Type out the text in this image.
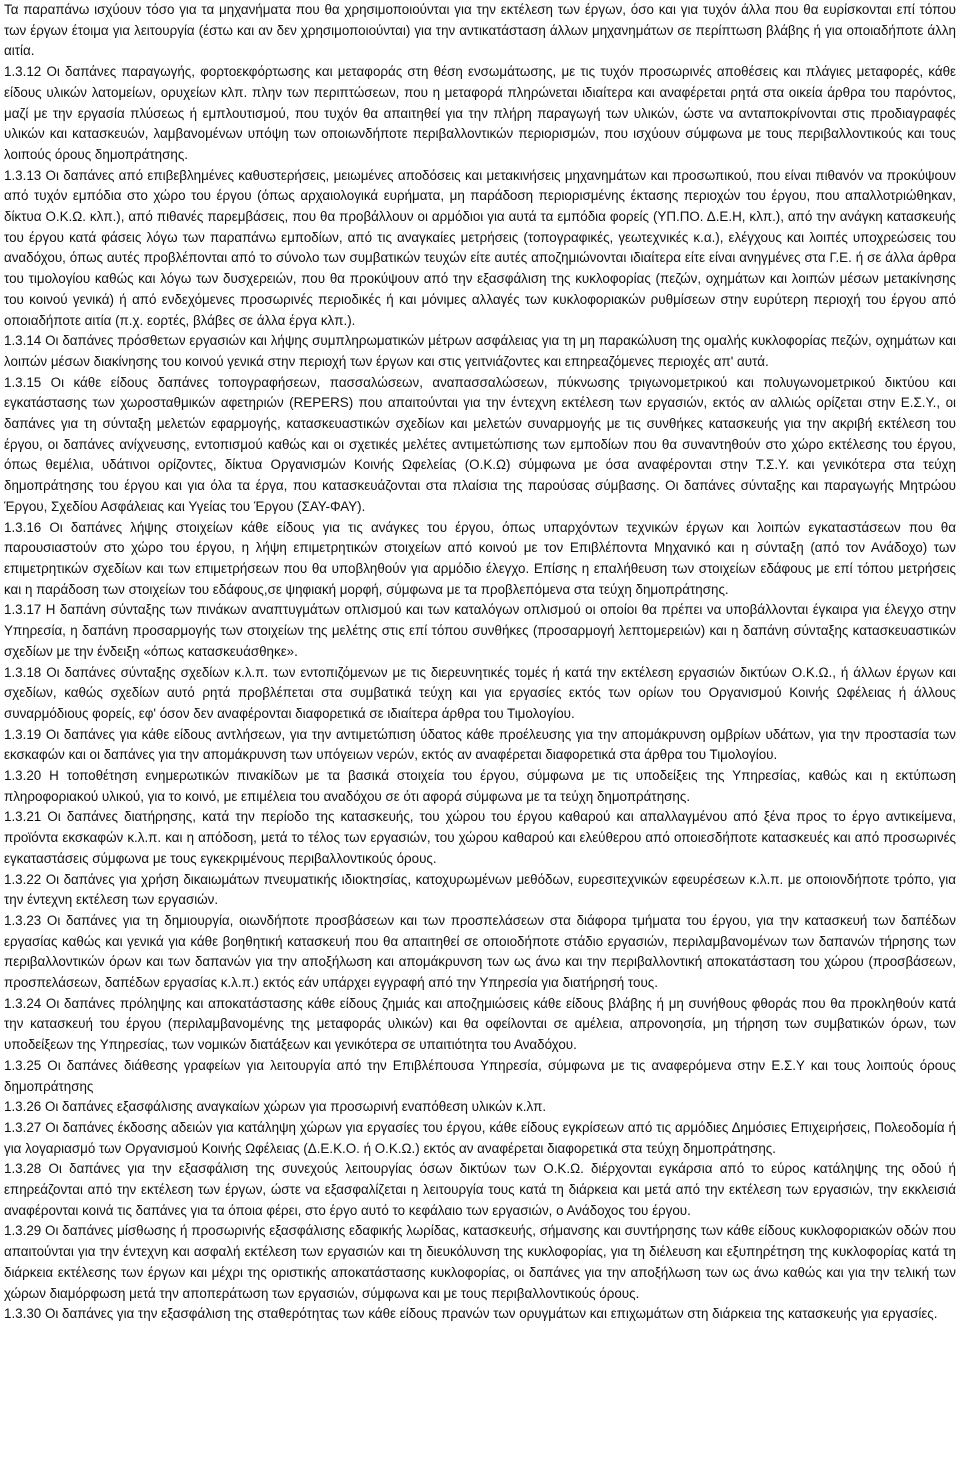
Τα παραπάνω ισχύουν τόσο για τα μηχανήματα που θα χρησιμοποιούνται για την εκτέλεση των έργων, όσο και για τυχόν άλλα που θα ευρίσκονται επί τόπου των έργων έτοιμα για λειτουργία (έστω και αν δεν χρησιμοποιούνται) για την αντικατάσταση άλλων μηχανημάτων σε περίπτωση βλάβης ή για οποιαδήποτε άλλη αιτία.

1.3.12 Οι δαπάνες παραγωγής, φορτοεκφόρτωσης και μεταφοράς στη θέση ενσωμάτωσης, με τις τυχόν προσωρινές αποθέσεις και πλάγιες μεταφορές, κάθε είδους υλικών λατομείων, ορυχείων κλπ. πλην των περιπτώσεων, που η μεταφορά πληρώνεται ιδιαίτερα και αναφέρεται ρητά στα οικεία άρθρα του παρόντος, μαζί με την εργασία πλύσεως ή εμπλουτισμού, που τυχόν θα απαιτηθεί για την πλήρη παραγωγή των υλικών, ώστε να ανταποκρίνονται στις προδιαγραφές υλικών και κατασκευών, λαμβανομένων υπόψη των οποιωνδήποτε περιβαλλοντικών περιορισμών, που ισχύουν σύμφωνα με τους περιβαλλοντικούς και τους λοιπούς όρους δημοπράτησης.

1.3.13 Οι δαπάνες από επιβεβλημένες καθυστερήσεις, μειωμένες αποδόσεις και μετακινήσεις μηχανημάτων και προσωπικού, που είναι πιθανόν να προκύψουν από τυχόν εμπόδια στο χώρο του έργου (όπως αρχαιολογικά ευρήματα, μη παράδοση περιορισμένης έκτασης περιοχών του έργου, που απαλλοτριώθηκαν, δίκτυα Ο.Κ.Ω. κλπ.), από πιθανές παρεμβάσεις, που θα προβάλλουν οι αρμόδιοι για αυτά τα εμπόδια φορείς (ΥΠ.ΠΟ. Δ.Ε.Η, κλπ.), από την ανάγκη κατασκευής του έργου κατά φάσεις λόγω των παραπάνω εμποδίων, από τις αναγκαίες μετρήσεις (τοπογραφικές, γεωτεχνικές κ.α.), ελέγχους και λοιπές υποχρεώσεις του αναδόχου, όπως αυτές προβλέπονται από το σύνολο των συμβατικών τευχών είτε αυτές αποζημιώνονται ιδιαίτερα είτε είναι ανηγμένες στα Γ.Ε. ή σε άλλα άρθρα του τιμολογίου καθώς και λόγω των δυσχερειών, που θα προκύψουν από την εξασφάλιση της κυκλοφορίας (πεζών, οχημάτων και λοιπών μέσων μετακίνησης του κοινού γενικά) ή από ενδεχόμενες προσωρινές περιοδικές ή και μόνιμες αλλαγές των κυκλοφοριακών ρυθμίσεων στην ευρύτερη περιοχή του έργου από οποιαδήποτε αιτία (π.χ. εορτές, βλάβες σε άλλα έργα κλπ.).

1.3.14 Οι δαπάνες πρόσθετων εργασιών και λήψης συμπληρωματικών μέτρων ασφάλειας για τη μη παρακώλυση της ομαλής κυκλοφορίας πεζών, οχημάτων και λοιπών μέσων διακίνησης του κοινού γενικά στην περιοχή των έργων και στις γειτνιάζοντες και επηρεαζόμενες περιοχές απ' αυτά.

1.3.15 Οι κάθε είδους δαπάνες τοπογραφήσεων, πασσαλώσεων, αναπασσαλώσεων, πύκνωσης τριγωνομετρικού και πολυγωνομετρικού δικτύου και εγκατάστασης των χωροσταθμικών αφετηριών (REPERS) που απαιτούνται για την έντεχνη εκτέλεση των εργασιών, εκτός αν αλλιώς ορίζεται στην Ε.Σ.Υ., οι δαπάνες για τη σύνταξη μελετών εφαρμογής, κατασκευαστικών σχεδίων και μελετών συναρμογής με τις συνθήκες κατασκευής για την ακριβή εκτέλεση του έργου, οι δαπάνες ανίχνευσης, εντοπισμού καθώς και οι σχετικές μελέτες αντιμετώπισης των εμποδίων που θα συναντηθούν στο χώρο εκτέλεσης του έργου, όπως θεμέλια, υδάτινοι ορίζοντες, δίκτυα Οργανισμών Κοινής Ωφελείας (Ο.Κ.Ω) σύμφωνα με όσα αναφέρονται στην Τ.Σ.Υ. και γενικότερα στα τεύχη δημοπράτησης του έργου και για όλα τα έργα, που κατασκευάζονται στα πλαίσια της παρούσας σύμβασης. Οι δαπάνες σύνταξης και παραγωγής Μητρώου Έργου, Σχεδίου Ασφάλειας και Υγείας του Έργου (ΣΑΥ-ΦΑΥ).

1.3.16 Οι δαπάνες λήψης στοιχείων κάθε είδους για τις ανάγκες του έργου, όπως υπαρχόντων τεχνικών έργων και λοιπών εγκαταστάσεων που θα παρουσιαστούν στο χώρο του έργου, η λήψη επιμετρητικών στοιχείων από κοινού με τον Επιβλέποντα Μηχανικό και η σύνταξη (από τον Ανάδοχο) των επιμετρητικών σχεδίων και των επιμετρήσεων που θα υποβληθούν για αρμόδιο έλεγχο. Επίσης η επαλήθευση των στοιχείων εδάφους με επί τόπου μετρήσεις και η παράδοση των στοιχείων του εδάφους,σε ψηφιακή μορφή, σύμφωνα με τα προβλεπόμενα στα τεύχη δημοπράτησης.

1.3.17 Η δαπάνη σύνταξης των πινάκων αναπτυγμάτων οπλισμού και των καταλόγων οπλισμού οι οποίοι θα πρέπει να υποβάλλονται έγκαιρα για έλεγχο στην Υπηρεσία, η δαπάνη προσαρμογής των στοιχείων της μελέτης στις επί τόπου συνθήκες (προσαρμογή λεπτομερειών) και η δαπάνη σύνταξης κατασκευαστικών σχεδίων με την ένδειξη «όπως κατασκευάσθηκε».

1.3.18 Οι δαπάνες σύνταξης σχεδίων κ.λ.π. των εντοπιζόμενων με τις διερευνητικές τομές ή κατά την εκτέλεση εργασιών δικτύων Ο.Κ.Ω., ή άλλων έργων και σχεδίων, καθώς σχεδίων αυτό ρητά προβλέπεται στα συμβατικά τεύχη και για εργασίες εκτός των ορίων του Οργανισμού Κοινής Ωφέλειας ή άλλους συναρμόδιους φορείς, εφ' όσον δεν αναφέρονται διαφορετικά σε ιδιαίτερα άρθρα του Τιμολογίου.

1.3.19 Οι δαπάνες για κάθε είδους αντλήσεων, για την αντιμετώπιση ύδατος κάθε προέλευσης για την απομάκρυνση ομβρίων υδάτων, για την προστασία των εκσκαφών και οι δαπάνες για την απομάκρυνση των υπόγειων νερών, εκτός αν αναφέρεται διαφορετικά στα άρθρα του Τιμολογίου.

1.3.20 Η τοποθέτηση ενημερωτικών πινακίδων με τα βασικά στοιχεία του έργου, σύμφωνα με τις υποδείξεις της Υπηρεσίας, καθώς και η εκτύπωση πληροφοριακού υλικού, για το κοινό, με επιμέλεια του αναδόχου σε ότι αφορά σύμφωνα με τα τεύχη δημοπράτησης.

1.3.21 Οι δαπάνες διατήρησης, κατά την περίοδο της κατασκευής, του χώρου του έργου καθαρού και απαλλαγμένου από ξένα προς το έργο αντικείμενα, προϊόντα εκσκαφών κ.λ.π. και η απόδοση, μετά το τέλος των εργασιών, του χώρου καθαρού και ελεύθερου από οποιεσδήποτε κατασκευές και από προσωρινές εγκαταστάσεις σύμφωνα με τους εγκεκριμένους περιβαλλοντικούς όρους.

1.3.22 Οι δαπάνες για χρήση δικαιωμάτων πνευματικής ιδιοκτησίας, κατοχυρωμένων μεθόδων, ευρεσιτεχνικών εφευρέσεων κ.λ.π. με οποιονδήποτε τρόπο, για την έντεχνη εκτέλεση των εργασιών.

1.3.23 Οι δαπάνες για τη δημιουργία, οιωνδήποτε προσβάσεων και των προσπελάσεων στα διάφορα τμήματα του έργου, για την κατασκευή των δαπέδων εργασίας καθώς και γενικά για κάθε βοηθητική κατασκευή που θα απαιτηθεί σε οποιοδήποτε στάδιο εργασιών, περιλαμβανομένων των δαπανών τήρησης των περιβαλλοντικών όρων και των δαπανών για την αποξήλωση και απομάκρυνση των ως άνω και την περιβαλλοντική αποκατάσταση του χώρου (προσβάσεων, προσπελάσεων, δαπέδων εργασίας κ.λ.π.) εκτός εάν υπάρχει εγγραφή από την Υπηρεσία για διατήρησή τους.

1.3.24 Οι δαπάνες πρόληψης και αποκατάστασης κάθε είδους ζημιάς και αποζημιώσεις κάθε είδους βλάβης ή μη συνήθους φθοράς που θα προκληθούν κατά την κατασκευή του έργου (περιλαμβανομένης της μεταφοράς υλικών) και θα οφείλονται σε αμέλεια, απρονοησία, μη τήρηση των συμβατικών όρων, των υποδείξεων της Υπηρεσίας, των νομικών διατάξεων και γενικότερα σε υπαιτιότητα του Αναδόχου.

1.3.25 Οι δαπάνες διάθεσης γραφείων για λειτουργία από την Επιβλέπουσα Υπηρεσία, σύμφωνα με τις αναφερόμενα στην Ε.Σ.Υ και τους λοιπούς όρους δημοπράτησης

1.3.26 Οι δαπάνες εξασφάλισης αναγκαίων χώρων για προσωρινή εναπόθεση υλικών κ.λπ.

1.3.27 Οι δαπάνες έκδοσης αδειών για κατάληψη χώρων για εργασίες του έργου, κάθε είδους εγκρίσεων από τις αρμόδιες Δημόσιες Επιχειρήσεις, Πολεοδομία ή για λογαριασμό των Οργανισμού Κοινής Ωφέλειας (Δ.Ε.Κ.Ο. ή Ο.Κ.Ω.) εκτός αν αναφέρεται διαφορετικά στα τεύχη δημοπράτησης.

1.3.28 Οι δαπάνες για την εξασφάλιση της συνεχούς λειτουργίας όσων δικτύων των Ο.Κ.Ω. διέρχονται εγκάρσια από το εύρος κατάληψης της οδού ή επηρεάζονται από την εκτέλεση των έργων, ώστε να εξασφαλίζεται η λειτουργία τους κατά τη διάρκεια και μετά από την εκτέλεση των εργασιών, την εκκλεισιά αναφέρονται κοινά τις δαπάνες για τα όποια φέρει, στο έργο αυτό το κεφάλαιο των εργασιών, ο Ανάδοχος του έργου.

1.3.29 Οι δαπάνες μίσθωσης ή προσωρινής εξασφάλισης εδαφικής λωρίδας, κατασκευής, σήμανσης και συντήρησης των κάθε είδους κυκλοφοριακών οδών που απαιτούνται για την έντεχνη και ασφαλή εκτέλεση των εργασιών και τη διευκόλυνση της κυκλοφορίας, για τη διέλευση και εξυπηρέτηση της κυκλοφορίας κατά τη διάρκεια εκτέλεσης των έργων και μέχρι της οριστικής αποκατάστασης κυκλοφορίας, οι δαπάνες για την αποξήλωση των ως άνω καθώς και για την τελική των χώρων διαμόρφωση μετά την αποπεράτωση των εργασιών, σύμφωνα και με τους περιβαλλοντικούς όρους.

1.3.30 Οι δαπάνες για την εξασφάλιση της σταθερότητας των κάθε είδους πρανών των ορυγμάτων και επιχωμάτων στη διάρκεια της κατασκευής για εργασίες.
